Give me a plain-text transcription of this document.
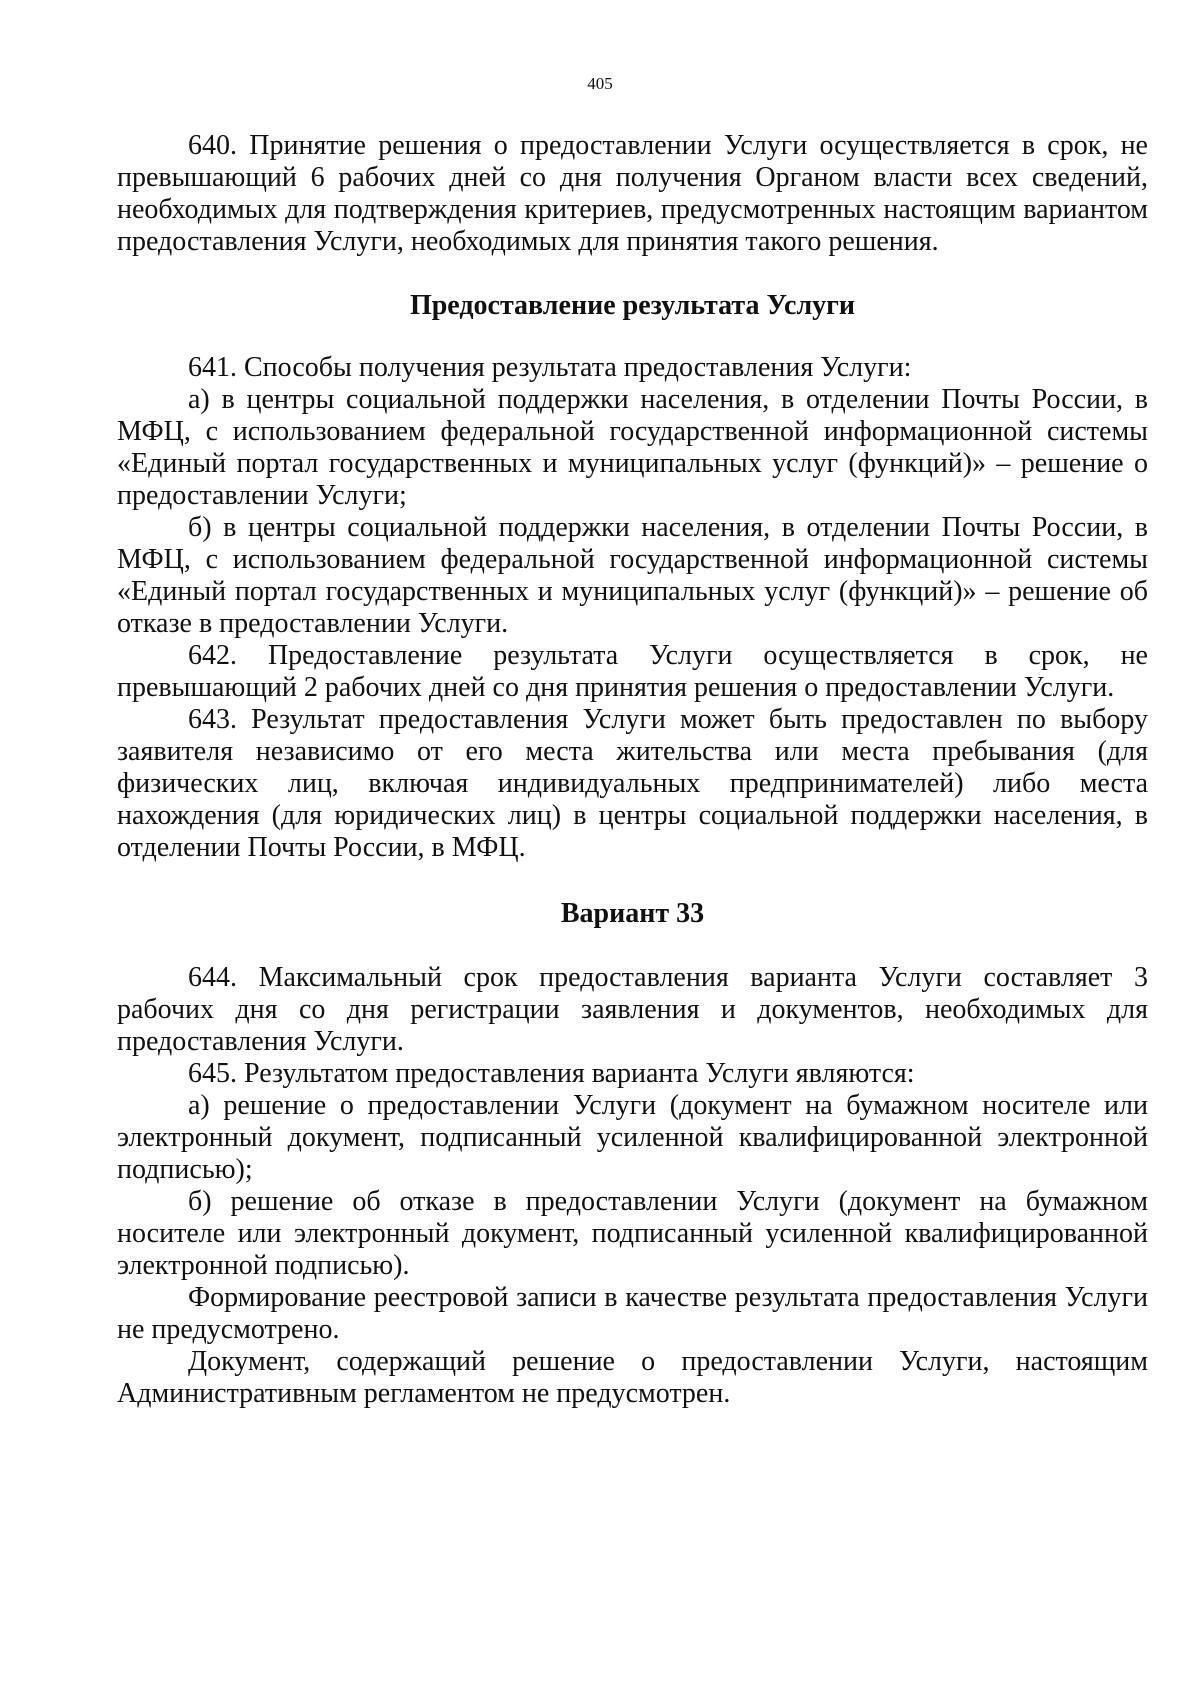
405

640. Принятие решения о предоставлении Услуги осуществляется в срок, не превышающий 6 рабочих дней со дня получения Органом власти всех сведений, необходимых для подтверждения критериев, предусмотренных настоящим вариантом предоставления Услуги, необходимых для принятия такого решения.

Предоставление результата Услуги

641. Способы получения результата предоставления Услуги:

а) в центры социальной поддержки населения, в отделении Почты России, в МФЦ, с использованием федеральной государственной информационной системы «Единый портал государственных и муниципальных услуг (функций)» – решение о предоставлении Услуги;

б) в центры социальной поддержки населения, в отделении Почты России, в МФЦ, с использованием федеральной государственной информационной системы «Единый портал государственных и муниципальных услуг (функций)» – решение об отказе в предоставлении Услуги.

642. Предоставление результата Услуги осуществляется в срок, не превышающий 2 рабочих дней со дня принятия решения о предоставлении Услуги.

643. Результат предоставления Услуги может быть предоставлен по выбору заявителя независимо от его места жительства или места пребывания (для физических лиц, включая индивидуальных предпринимателей) либо места нахождения (для юридических лиц) в центры социальной поддержки населения, в отделении Почты России, в МФЦ.

Вариант 33

644. Максимальный срок предоставления варианта Услуги составляет 3 рабочих дня со дня регистрации заявления и документов, необходимых для предоставления Услуги.

645. Результатом предоставления варианта Услуги являются:

а) решение о предоставлении Услуги (документ на бумажном носителе или электронный документ, подписанный усиленной квалифицированной электронной подписью);

б) решение об отказе в предоставлении Услуги (документ на бумажном носителе или электронный документ, подписанный усиленной квалифицированной электронной подписью).

Формирование реестровой записи в качестве результата предоставления Услуги не предусмотрено.

Документ, содержащий решение о предоставлении Услуги, настоящим Административным регламентом не предусмотрен.
